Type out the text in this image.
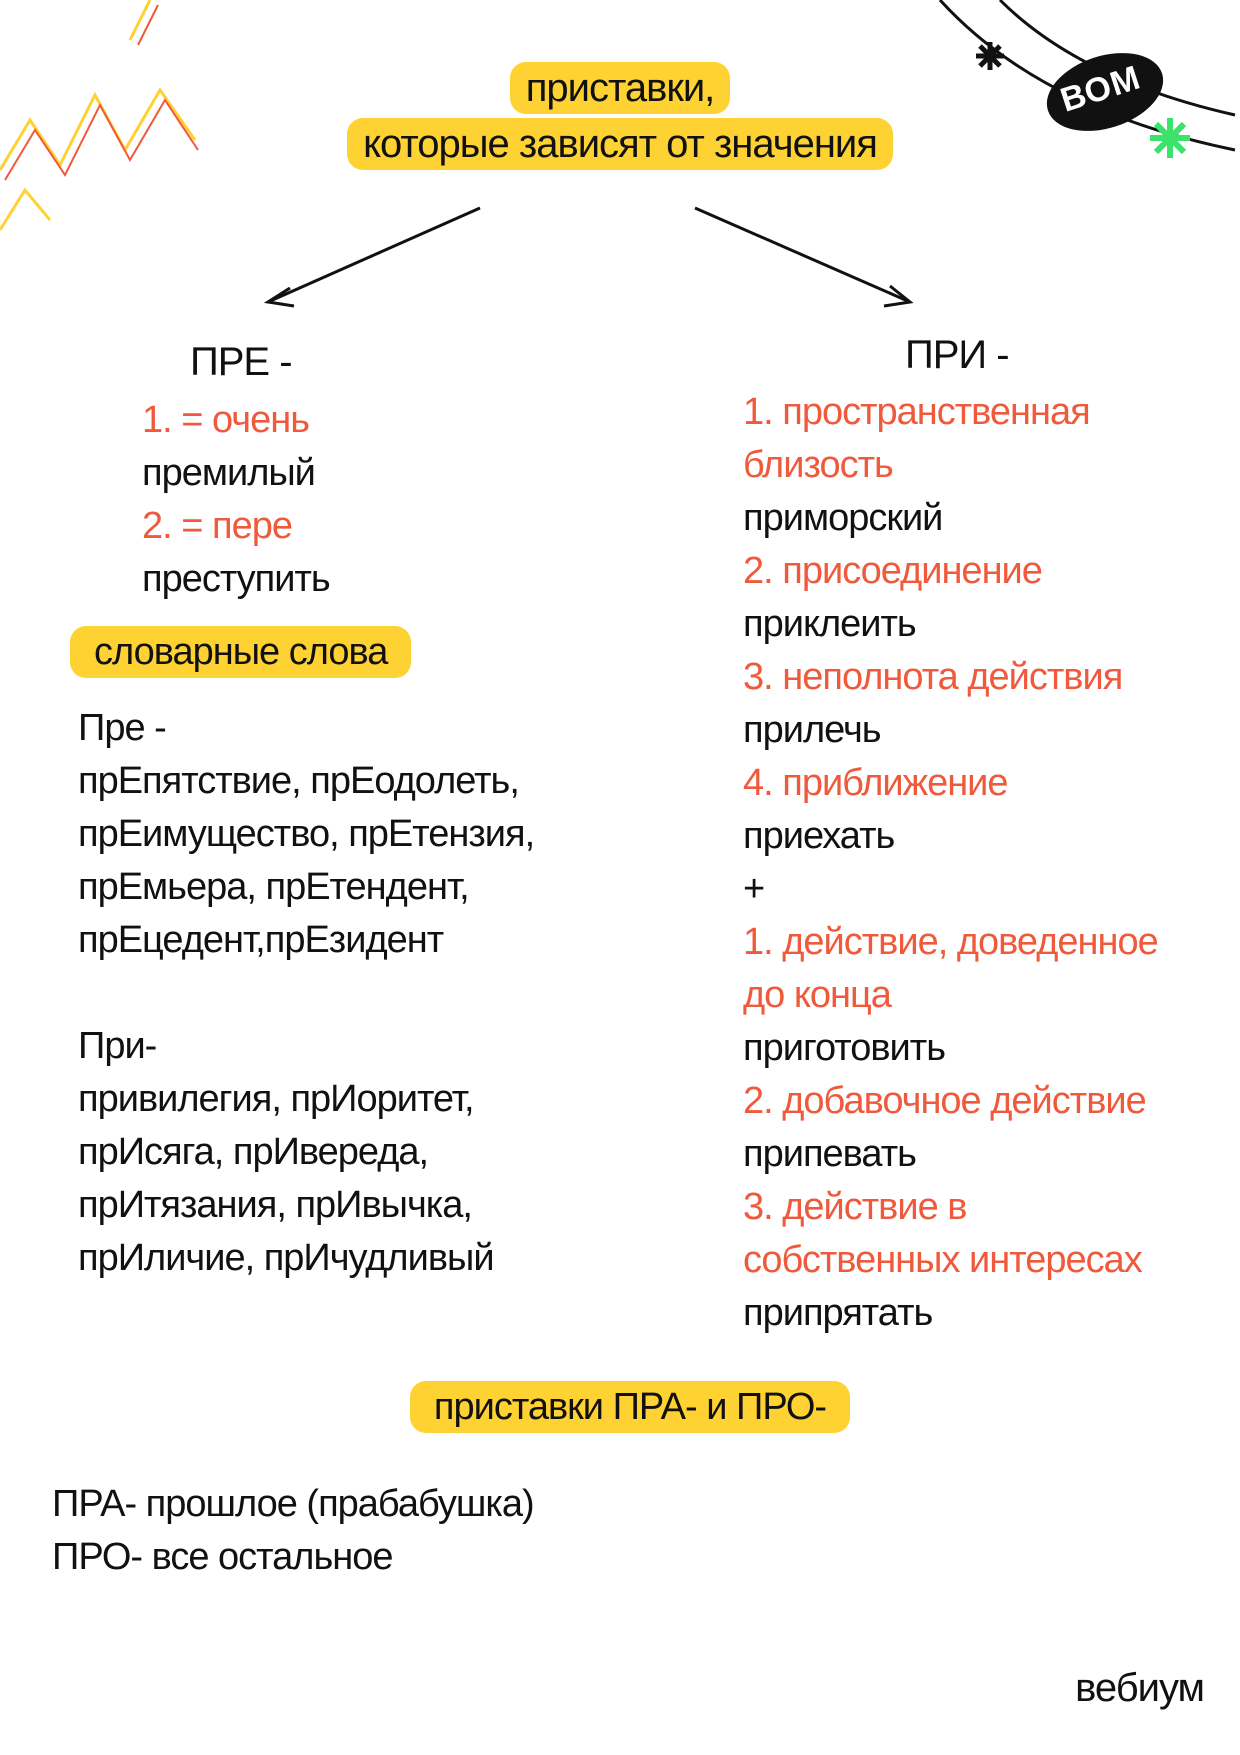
ВОМ
приставки,
которые зависят от значения
ПРЕ -

1. = очень

премилый

2. = пере

преступить

словарные слова

Пре -

прЕпятствие, прЕодолеть,

прЕимущество, прЕтензия,

прЕмьера, прЕтендент,

прЕцедент,прЕзидент

При-

привилегия, прИоритет,

прИсяга, прИвереда,

прИтязания, прИвычка,

прИличие, прИчудливый

ПРИ -

1. пространственная

близость

приморский

2. присоединение

приклеить

3. неполнота действия

прилечь

4. приближение

приехать

+

1. действие, доведенное

до конца

приготовить

2. добавочное действие

припевать

3. действие в

собственных интересах

припрятать

приставки ПРА- и ПРО-

ПРА- прошлое (прабабушка)

ПРО- все остальное

вебиум
